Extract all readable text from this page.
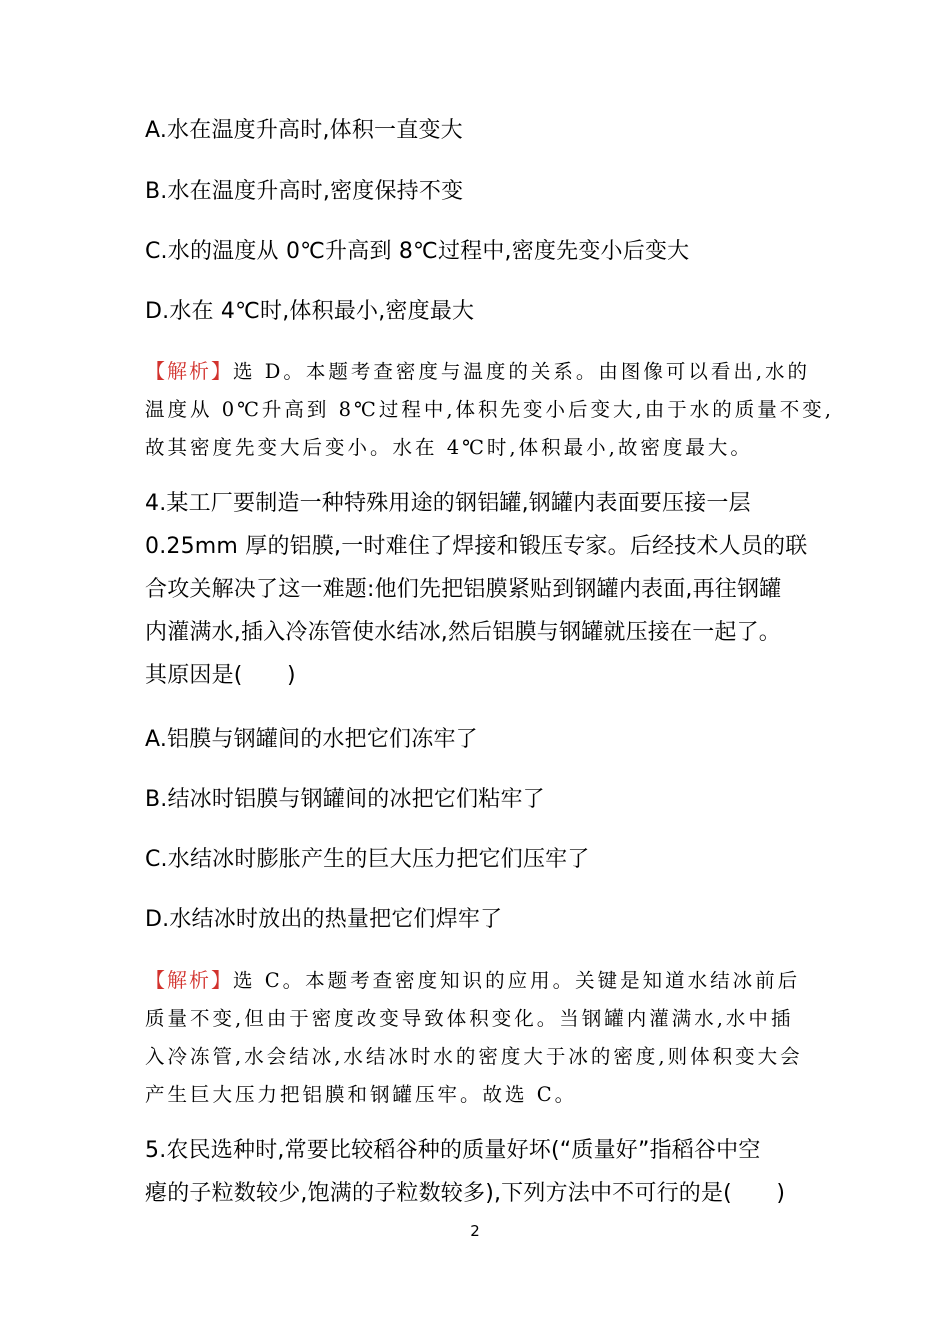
A.水在温度升高时,体积一直变大
B.水在温度升高时,密度保持不变
C.水的温度从 0℃升高到 8℃过程中,密度先变小后变大
D.水在 4℃时,体积最小,密度最大
【解析】选 D。本题考查密度与温度的关系。由图像可以看出,水的
温度从 0℃升高到 8℃过程中,体积先变小后变大,由于水的质量不变,
故其密度先变大后变小。水在 4℃时,体积最小,故密度最大。
4.某工厂要制造一种特殊用途的钢铝罐,钢罐内表面要压接一层
0.25mm 厚的铝膜,一时难住了焊接和锻压专家。后经技术人员的联
合攻关解决了这一难题:他们先把铝膜紧贴到钢罐内表面,再往钢罐
内灌满水,插入冷冻管使水结冰,然后铝膜与钢罐就压接在一起了。
其原因是(　　)
A.铝膜与钢罐间的水把它们冻牢了
B.结冰时铝膜与钢罐间的冰把它们粘牢了
C.水结冰时膨胀产生的巨大压力把它们压牢了
D.水结冰时放出的热量把它们焊牢了
【解析】选 C。本题考查密度知识的应用。关键是知道水结冰前后
质量不变,但由于密度改变导致体积变化。当钢罐内灌满水,水中插
入冷冻管,水会结冰,水结冰时水的密度大于冰的密度,则体积变大会
产生巨大压力把铝膜和钢罐压牢。故选 C。
5.农民选种时,常要比较稻谷种的质量好坏(“质量好”指稻谷中空
瘪的子粒数较少,饱满的子粒数较多),下列方法中不可行的是(　　)
2
